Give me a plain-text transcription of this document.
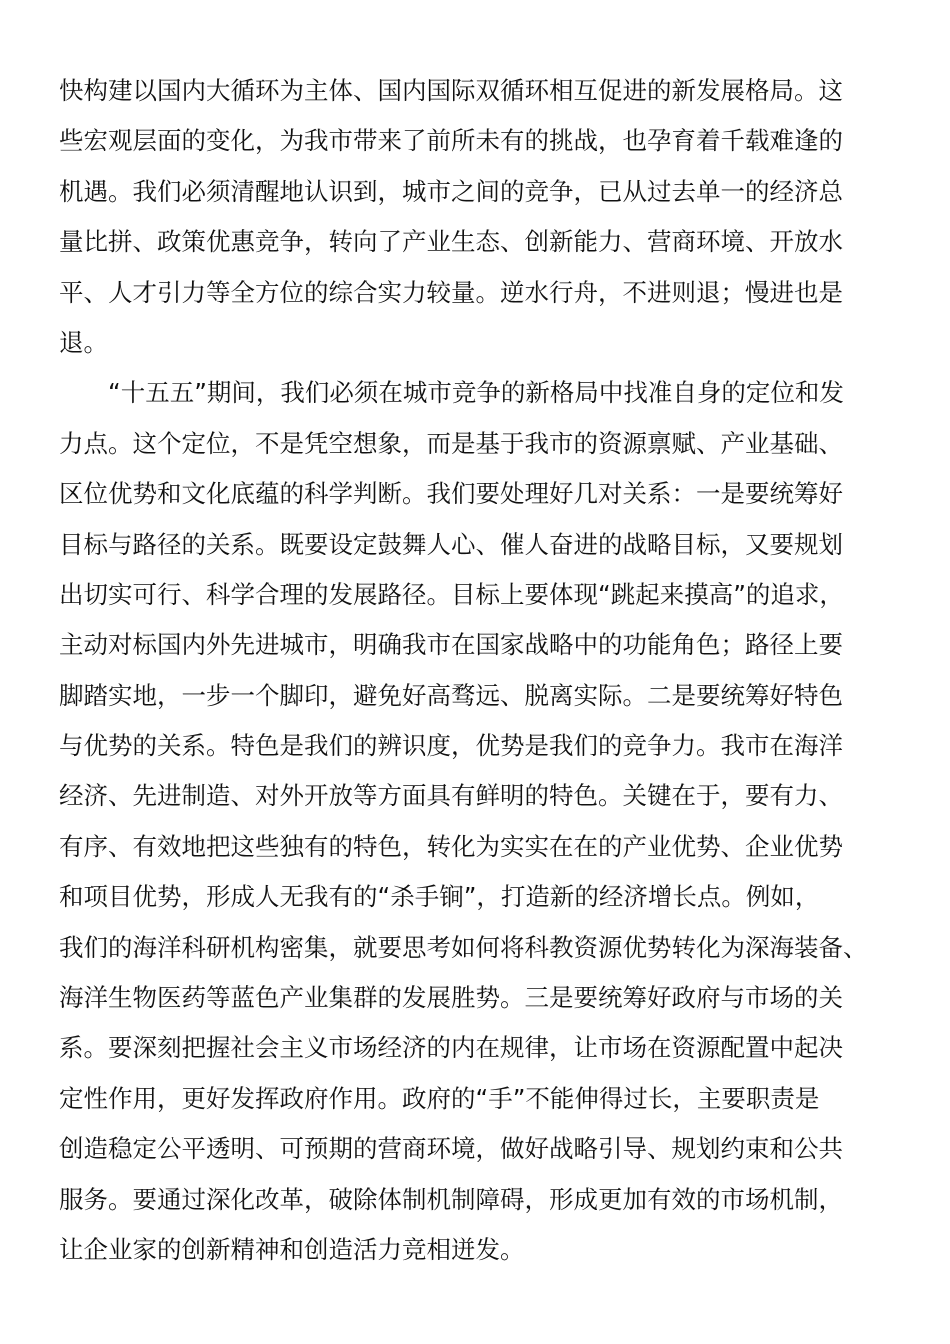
快构建以国内大循环为主体、国内国际双循环相互促进的新发展格局。这
些宏观层面的变化，为我市带来了前所未有的挑战，也孕育着千载难逢的
机遇。我们必须清醒地认识到，城市之间的竞争，已从过去单一的经济总
量比拼、政策优惠竞争，转向了产业生态、创新能力、营商环境、开放水
平、人才引力等全方位的综合实力较量。逆水行舟，不进则退；慢进也是
退。
　　“十五五”期间，我们必须在城市竞争的新格局中找准自身的定位和发
力点。这个定位，不是凭空想象，而是基于我市的资源禀赋、产业基础、
区位优势和文化底蕴的科学判断。我们要处理好几对关系：一是要统筹好
目标与路径的关系。既要设定鼓舞人心、催人奋进的战略目标，又要规划
出切实可行、科学合理的发展路径。目标上要体现“跳起来摸高”的追求，
主动对标国内外先进城市，明确我市在国家战略中的功能角色；路径上要
脚踏实地，一步一个脚印，避免好高骛远、脱离实际。二是要统筹好特色
与优势的关系。特色是我们的辨识度，优势是我们的竞争力。我市在海洋
经济、先进制造、对外开放等方面具有鲜明的特色。关键在于，要有力、
有序、有效地把这些独有的特色，转化为实实在在的产业优势、企业优势
和项目优势，形成人无我有的“杀手锏”，打造新的经济增长点。例如，
我们的海洋科研机构密集，就要思考如何将科教资源优势转化为深海装备、
海洋生物医药等蓝色产业集群的发展胜势。三是要统筹好政府与市场的关
系。要深刻把握社会主义市场经济的内在规律，让市场在资源配置中起决
定性作用，更好发挥政府作用。政府的“手”不能伸得过长，主要职责是
创造稳定公平透明、可预期的营商环境，做好战略引导、规划约束和公共
服务。要通过深化改革，破除体制机制障碍，形成更加有效的市场机制，
让企业家的创新精神和创造活力竞相迸发。
